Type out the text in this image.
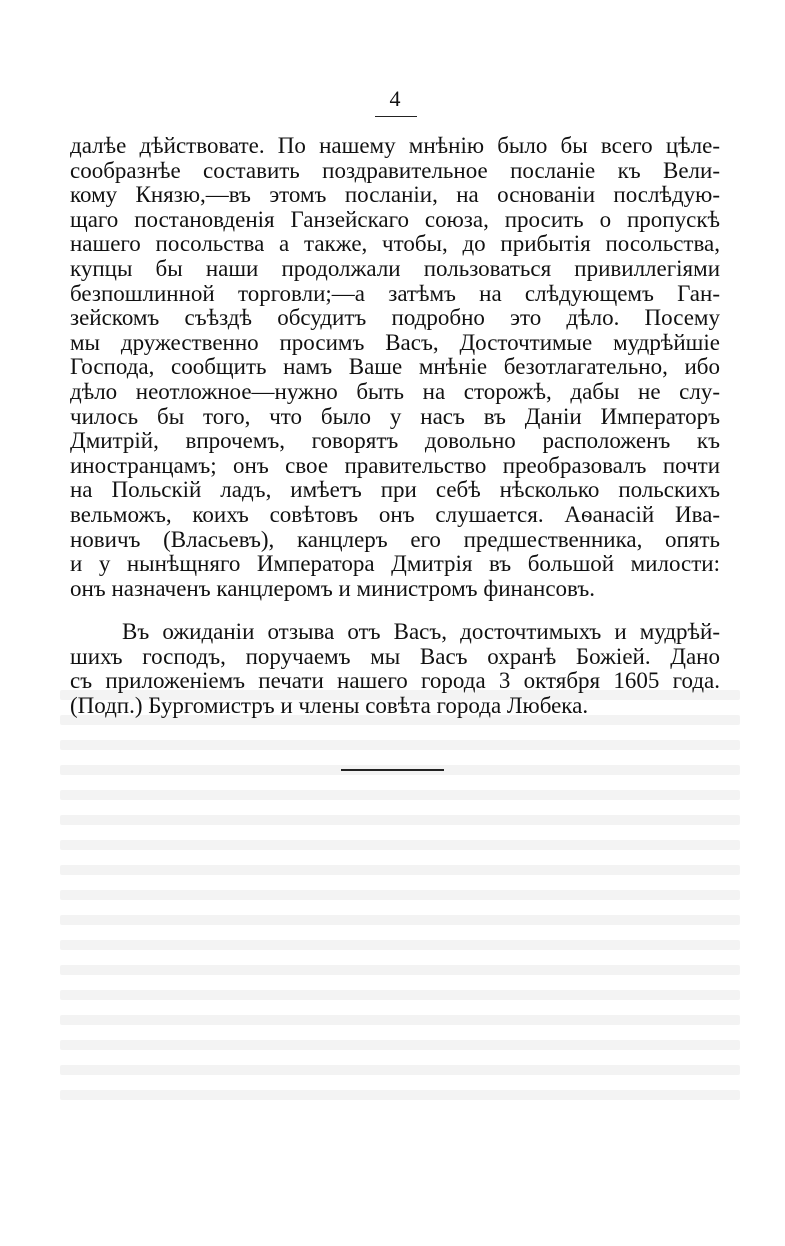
4
далѣе дѣйствовате. По нашему мнѣнію было бы всего цѣле-
сообразнѣе составить поздравительное посланіе къ Вели-
кому Князю,—въ этомъ посланіи, на основаніи послѣдую-
щаго постановденія Ганзейскаго союза, просить о пропускѣ
нашего посольства а также, чтобы, до прибытія посольства,
купцы бы наши продолжали пользоваться привиллегіями
безпошлинной торговли;—а затѣмъ на слѣдующемъ Ган-
зейскомъ съѣздѣ обсудитъ подробно это дѣло. Посему
мы дружественно просимъ Васъ, Досточтимые мудрѣйшіе
Господа, сообщить намъ Ваше мнѣніе безотлагательно, ибо
дѣло неотложное—нужно быть на сторожѣ, дабы не слу-
чилось бы того, что было у насъ въ Даніи Императоръ
Дмитрій, впрочемъ, говорятъ довольно расположенъ къ
иностранцамъ; онъ свое правительство преобразовалъ почти
на Польскій ладъ, имѣетъ при себѣ нѣсколько польскихъ
вельможъ, коихъ совѣтовъ онъ слушается. Аѳанасій Ива-
новичъ (Власьевъ), канцлеръ его предшественника, опять
и у нынѣщняго Императора Дмитрія въ большой милости:
онъ назначенъ канцлеромъ и министромъ финансовъ.
Въ ожиданіи отзыва отъ Васъ, досточтимыхъ и мудрѣй-
шихъ господъ, поручаемъ мы Васъ охранѣ Божіей. Дано
съ приложеніемъ печати нашего города 3 октября 1605 года.
(Подп.) Бургомистръ и члены совѣта города Любека.
